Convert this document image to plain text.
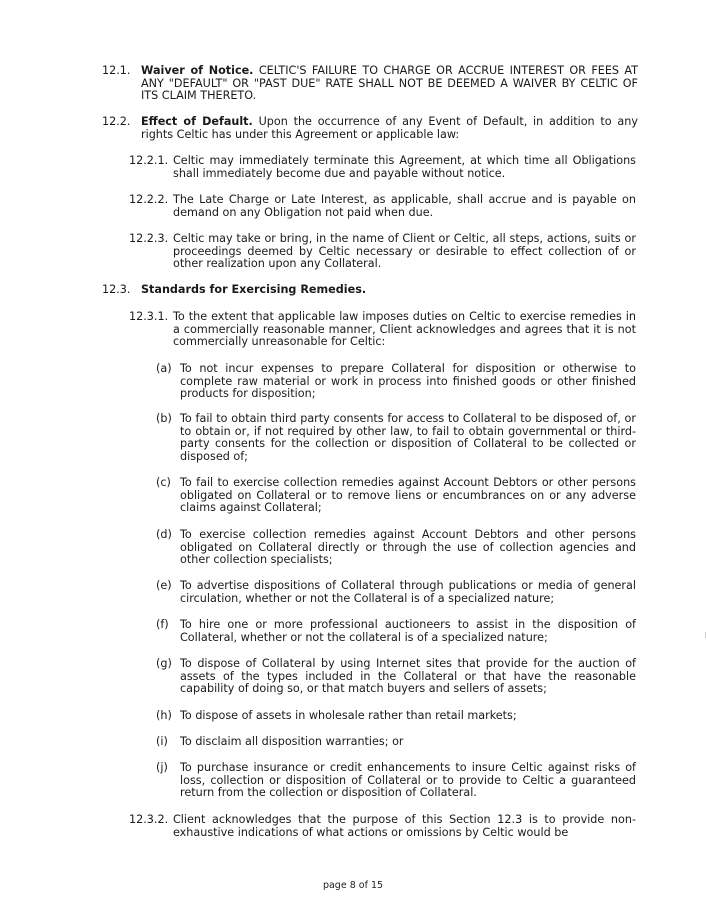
12.1. Waiver of Notice. CELTIC'S FAILURE TO CHARGE OR ACCRUE INTEREST OR FEES AT ANY "DEFAULT" OR "PAST DUE" RATE SHALL NOT BE DEEMED A WAIVER BY CELTIC OF ITS CLAIM THERETO.
12.2. Effect of Default. Upon the occurrence of any Event of Default, in addition to any rights Celtic has under this Agreement or applicable law:
12.2.1. Celtic may immediately terminate this Agreement, at which time all Obligations shall immediately become due and payable without notice.
12.2.2. The Late Charge or Late Interest, as applicable, shall accrue and is payable on demand on any Obligation not paid when due.
12.2.3. Celtic may take or bring, in the name of Client or Celtic, all steps, actions, suits or proceedings deemed by Celtic necessary or desirable to effect collection of or other realization upon any Collateral.
12.3. Standards for Exercising Remedies.
12.3.1. To the extent that applicable law imposes duties on Celtic to exercise remedies in a commercially reasonable manner, Client acknowledges and agrees that it is not commercially unreasonable for Celtic:
(a) To not incur expenses to prepare Collateral for disposition or otherwise to complete raw material or work in process into finished goods or other finished products for disposition;
(b) To fail to obtain third party consents for access to Collateral to be disposed of, or to obtain or, if not required by other law, to fail to obtain governmental or third-party consents for the collection or disposition of Collateral to be collected or disposed of;
(c) To fail to exercise collection remedies against Account Debtors or other persons obligated on Collateral or to remove liens or encumbrances on or any adverse claims against Collateral;
(d) To exercise collection remedies against Account Debtors and other persons obligated on Collateral directly or through the use of collection agencies and other collection specialists;
(e) To advertise dispositions of Collateral through publications or media of general circulation, whether or not the Collateral is of a specialized nature;
(f) To hire one or more professional auctioneers to assist in the disposition of Collateral, whether or not the collateral is of a specialized nature;
(g) To dispose of Collateral by using Internet sites that provide for the auction of assets of the types included in the Collateral or that have the reasonable capability of doing so, or that match buyers and sellers of assets;
(h) To dispose of assets in wholesale rather than retail markets;
(i) To disclaim all disposition warranties; or
(j) To purchase insurance or credit enhancements to insure Celtic against risks of loss, collection or disposition of Collateral or to provide to Celtic a guaranteed return from the collection or disposition of Collateral.
12.3.2. Client acknowledges that the purpose of this Section 12.3 is to provide non-exhaustive indications of what actions or omissions by Celtic would be
page 8 of 15
